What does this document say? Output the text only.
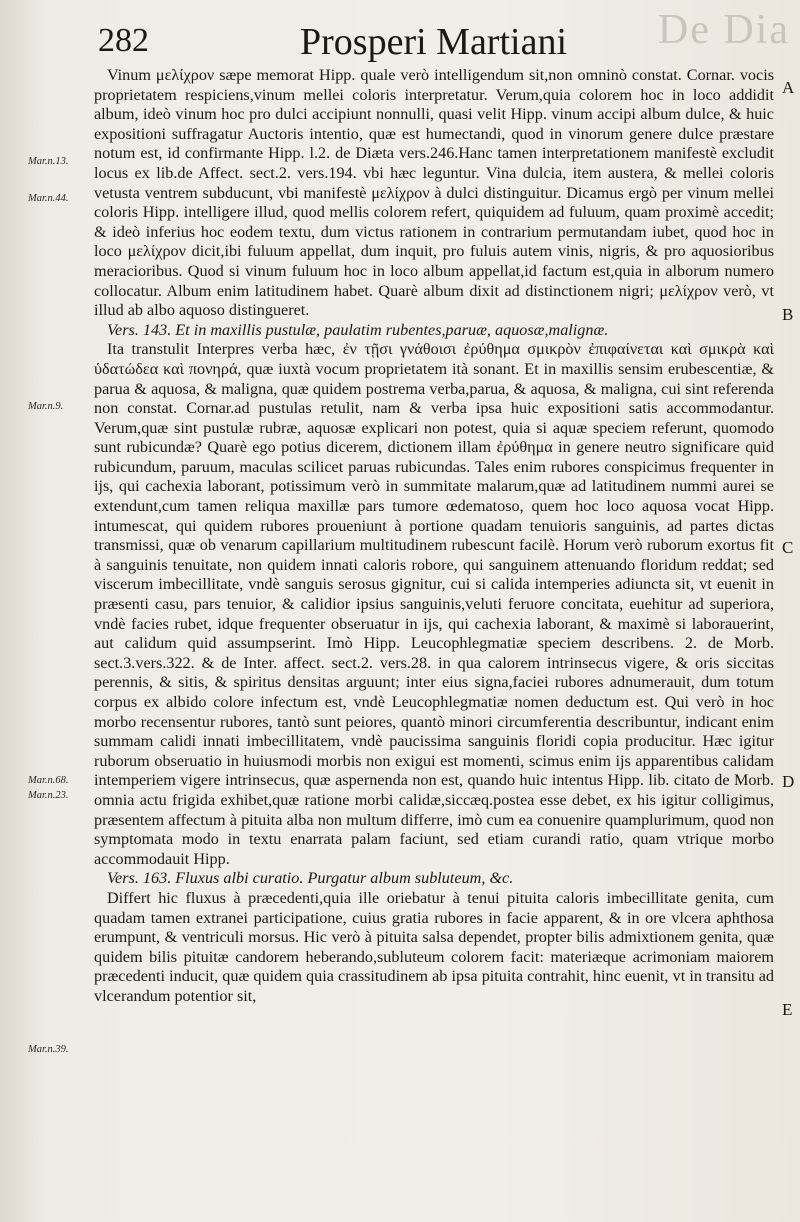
De Dia
282	Prosperi Martiani

Vinum μελίχρον sæpe memorat Hipp. quale verò intelligendum sit,non omninò constat. Cornar. vocis proprietatem respiciens,vinum mellei coloris interpretatur. Verum,quia colorem hoc in loco addidit album, ideò vinum hoc pro dulci accipiunt nonnulli, quasi velit Hipp. vinum accipi album dulce, & huic expositioni suffragatur Auctoris intentio, quæ est humectandi, quod in vinorum genere dulce præstare notum est, id confirmante Hipp. l.2. de Diæta vers.246.Hanc tamen interpretationem manifestè excludit locus ex lib.de Affect. sect.2. vers.194. vbi hæc leguntur. Vina dulcia, item austera, & mellei coloris vetusta ventrem subducunt, vbi manifestè μελίχρον à dulci distinguitur. Dicamus ergò per vinum mellei coloris Hipp. intelligere illud, quod mellis colorem refert, quiquidem ad fuluum, quam proximè accedit; & ideò inferius hoc eodem textu, dum victus rationem in contrarium permutandam iubet, quod hoc in loco μελίχρον dicit,ibi fuluum appellat, dum inquit, pro fuluis autem vinis, nigris, & pro aquosioribus meracioribus. Quod si vinum fuluum hoc in loco album appellat,id factum est,quia in alborum numero collocatur. Album enim latitudinem habet. Quarè album dixit ad distinctionem nigri; μελίχρον verò, vt illud ab albo aquoso distingueret.

Vers. 143. Et in maxillis pustulæ, paulatim rubentes,paruæ, aquosæ,malignæ.

Ita transtulit Interpres verba hæc, ἐν τῇσι γνάθοισι ἐρύθημα σμικρὸν ἐπιφαίνεται καὶ σμικρὰ καὶ ὑδατώδεα καὶ πονηρά, quæ iuxtà vocum proprietatem ità sonant. Et in maxillis sensim erubescentiæ, & parua & aquosa, & maligna, quæ quidem postrema verba,parua, & aquosa, & maligna, cui sint referenda non constat. Cornar.ad pustulas retulit, nam & verba ipsa huic expositioni satis accommodantur. Verum,quæ sint pustulæ rubræ, aquosæ explicari non potest, quia si aquæ speciem referunt, quomodo sunt rubicundæ? Quarè ego potius dicerem, dictionem illam ἐρύθημα in genere neutro significare quid rubicundum, paruum, maculas scilicet paruas rubicundas. Tales enim rubores conspicimus frequenter in ijs, qui cachexia laborant, potissimum verò in summitate malarum,quæ ad latitudinem nummi aurei se extendunt,cum tamen reliqua maxillæ pars tumore œdematoso, quem hoc loco aquosa vocat Hipp. intumescat, qui quidem rubores proueniunt à portione quadam tenuioris sanguinis, ad partes dictas transmissi, quæ ob venarum capillarium multitudinem rubescunt facilè. Horum verò ruborum exortus fit à sanguinis tenuitate, non quidem innati caloris robore, qui sanguinem attenuando floridum reddat; sed viscerum imbecillitate, vndè sanguis serosus gignitur, cui si calida intemperies adiuncta sit, vt euenit in præsenti casu, pars tenuior, & calidior ipsius sanguinis,veluti feruore concitata, euehitur ad superiora, vndè facies rubet, idque frequenter obseruatur in ijs, qui cachexia laborant, & maximè si laborauerint, aut calidum quid assumpserint. Imò Hipp. Leucophlegmatiæ speciem describens. 2. de Morb. sect.3.vers.322. & de Inter. affect. sect.2. vers.28. in qua calorem intrinsecus vigere, & oris siccitas perennis, & sitis, & spiritus densitas arguunt; inter eius signa,faciei rubores adnumerauit, dum totum corpus ex albido colore infectum est, vndè Leucophlegmatiæ nomen deductum est. Qui verò in hoc morbo recensentur rubores, tantò sunt peiores, quantò minori circumferentia describuntur, indicant enim summam calidi innati imbecillitatem, vndè paucissima sanguinis floridi copia producitur. Hæc igitur ruborum obseruatio in huiusmodi morbis non exigui est momenti, scimus enim ijs apparentibus calidam intemperiem vigere intrinsecus, quæ aspernenda non est, quando huic intentus Hipp. lib. citato de Morb. omnia actu frigida exhibet,quæ ratione morbi calidæ,siccæq.postea esse debet, ex his igitur colligimus, præsentem affectum à pituita alba non multum differre, imò cum ea conuenire quamplurimum, quod non symptomata modo in textu enarrata palam faciunt, sed etiam curandi ratio, quam vtrique morbo accommodauit Hipp.

Vers. 163. Fluxus albi curatio. Purgatur album subluteum, &c.

Differt hic fluxus à præcedenti,quia ille oriebatur à tenui pituita caloris imbecillitate genita, cum quadam tamen extranei participatione, cuius gratia rubores in facie apparent, & in ore vlcera aphthosa erumpunt, & ventriculi morsus. Hic verò à pituita salsa dependet, propter bilis admixtionem genita, quæ quidem bilis pituitæ candorem heberando,subluteum colorem facit: materiæque acrimoniam maiorem præcedenti inducit, quæ quidem quia crassitudinem ab ipsa pituita contrahit, hinc euenit, vt in transitu ad vlcerandum potentior sit,

Mar.n.13.
Mar.n.44.
Mar.n.9.
Mar.n.68.
Mar.n.23.
Mar.n.39.
A
B
C
D
E
